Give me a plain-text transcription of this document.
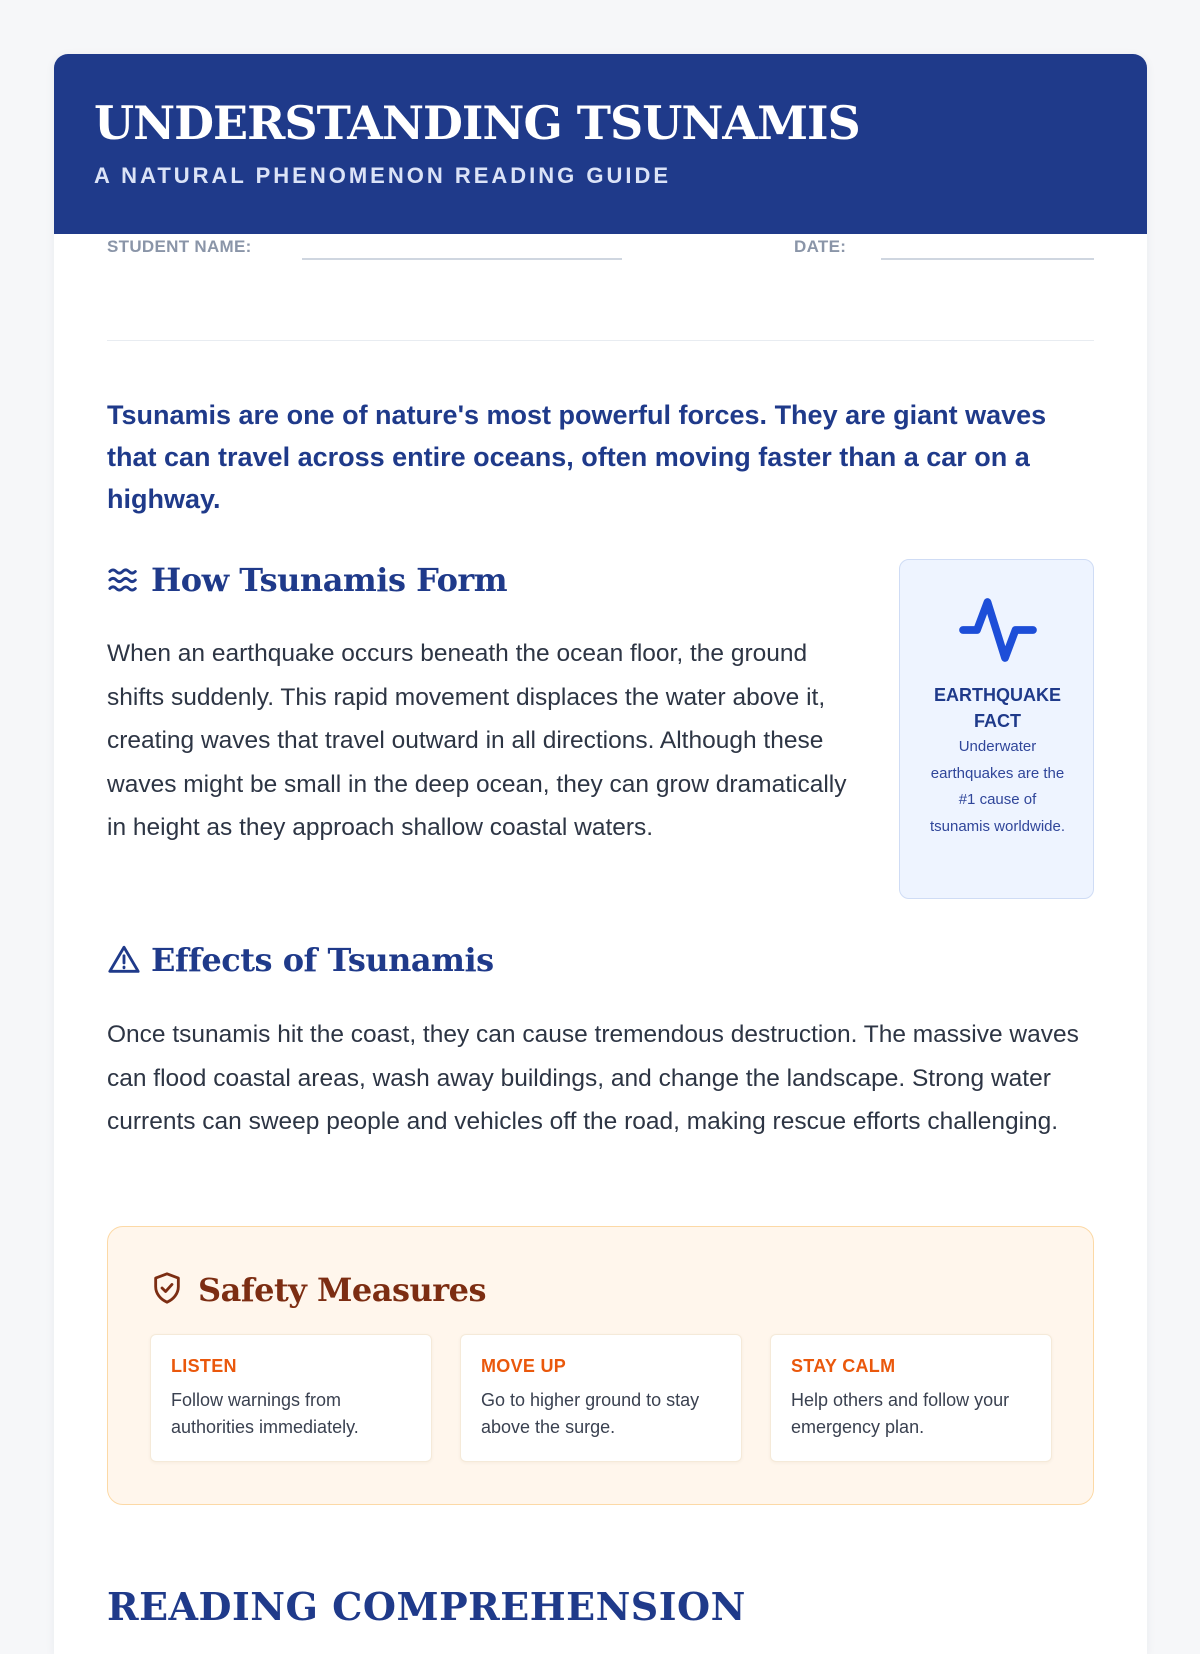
UNDERSTANDING TSUNAMIS
A NATURAL PHENOMENON READING GUIDE
STUDENT NAME:	DATE:
Tsunamis are one of nature's most powerful forces. They are giant waves that can travel across entire oceans, often moving faster than a car on a highway.
How Tsunamis Form
When an earthquake occurs beneath the ocean floor, the ground shifts suddenly. This rapid movement displaces the water above it, creating waves that travel outward in all directions. Although these waves might be small in the deep ocean, they can grow dramatically in height as they approach shallow coastal waters.
EARTHQUAKE FACT
Underwater earthquakes are the #1 cause of tsunamis worldwide.
Effects of Tsunamis
Once tsunamis hit the coast, they can cause tremendous destruction. The massive waves can flood coastal areas, wash away buildings, and change the landscape. Strong water currents can sweep people and vehicles off the road, making rescue efforts challenging.
Safety Measures
LISTEN
Follow warnings from authorities immediately.
MOVE UP
Go to higher ground to stay above the surge.
STAY CALM
Help others and follow your emergency plan.
READING COMPREHENSION
